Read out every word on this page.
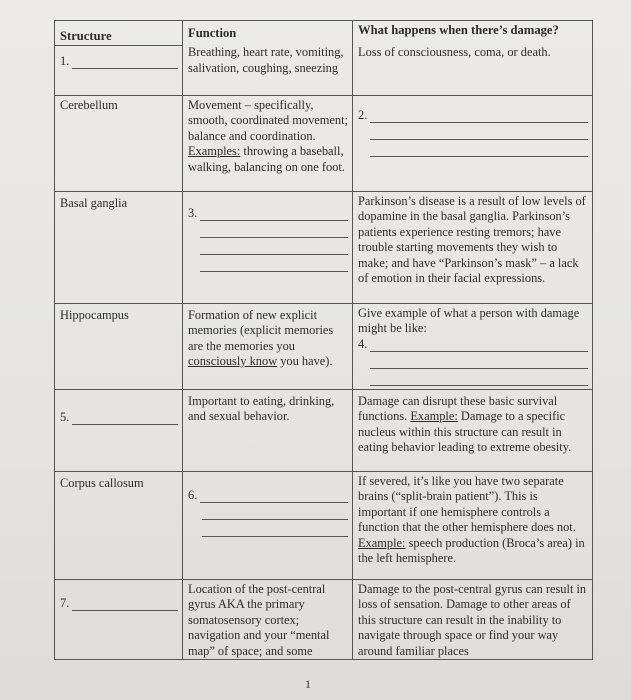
Structure	Function	What happens when there’s damage?

1.	Breathing, heart rate, vomiting, salivation, coughing, sneezing	Loss of consciousness, coma, or death.
Cerebellum	Movement – specifically, smooth, coordinated movement; balance and coordination. Examples: throwing a baseball, walking, balancing on one foot.	2.

Basal ganglia	3.	Parkinson’s disease is a result of low levels of dopamine in the basal ganglia. Parkinson’s patients experience resting tremors; have trouble starting movements they wish to make; and have “Parkinson’s mask” – a lack of emotion in their facial expressions.
Hippocampus	Formation of new explicit memories (explicit memories are the memories you consciously know you have).	Give example of what a person with damage might be like:
4.

5.	Important to eating, drinking, and sexual behavior.	Damage can disrupt these basic survival functions. Example: Damage to a specific nucleus within this structure can result in eating behavior leading to extreme obesity.
Corpus callosum	6.	If severed, it’s like you have two separate brains (“split-brain patient”). This is important if one hemisphere controls a function that the other hemisphere does not. Example: speech production (Broca’s area) in the left hemisphere.

7.	Location of the post-central gyrus AKA the primary somatosensory cortex; navigation and your “mental map” of space; and some	Damage to the post-central gyrus can result in loss of sensation. Damage to other areas of this structure can result in the inability to navigate through space or find your way around familiar places
1
